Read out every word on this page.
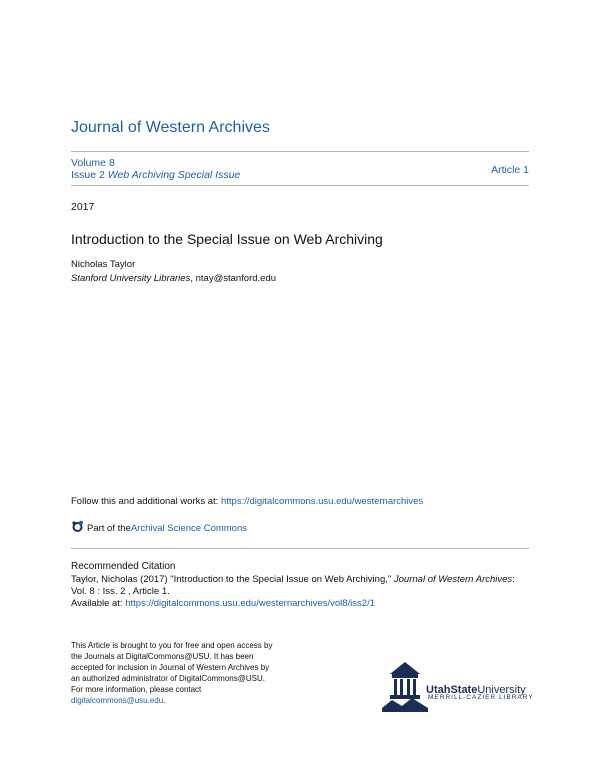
Journal of Western Archives
Volume 8
Issue 2 Web Archiving Special Issue	Article 1
2017
Introduction to the Special Issue on Web Archiving
Nicholas Taylor
Stanford University Libraries, ntay@stanford.edu
Follow this and additional works at: https://digitalcommons.usu.edu/westernarchives
Part of the Archival Science Commons
Recommended Citation
Taylor, Nicholas (2017) "Introduction to the Special Issue on Web Archiving," Journal of Western Archives:
Vol. 8 : Iss. 2 , Article 1.
Available at: https://digitalcommons.usu.edu/westernarchives/vol8/iss2/1
This Article is brought to you for free and open access by
the Journals at DigitalCommons@USU. It has been
accepted for inclusion in Journal of Western Archives by
an authorized administrator of DigitalCommons@USU.
For more information, please contact
digitalcommons@usu.edu.
UtahStateUniversity
MERRILL-CAZIER LIBRARY
